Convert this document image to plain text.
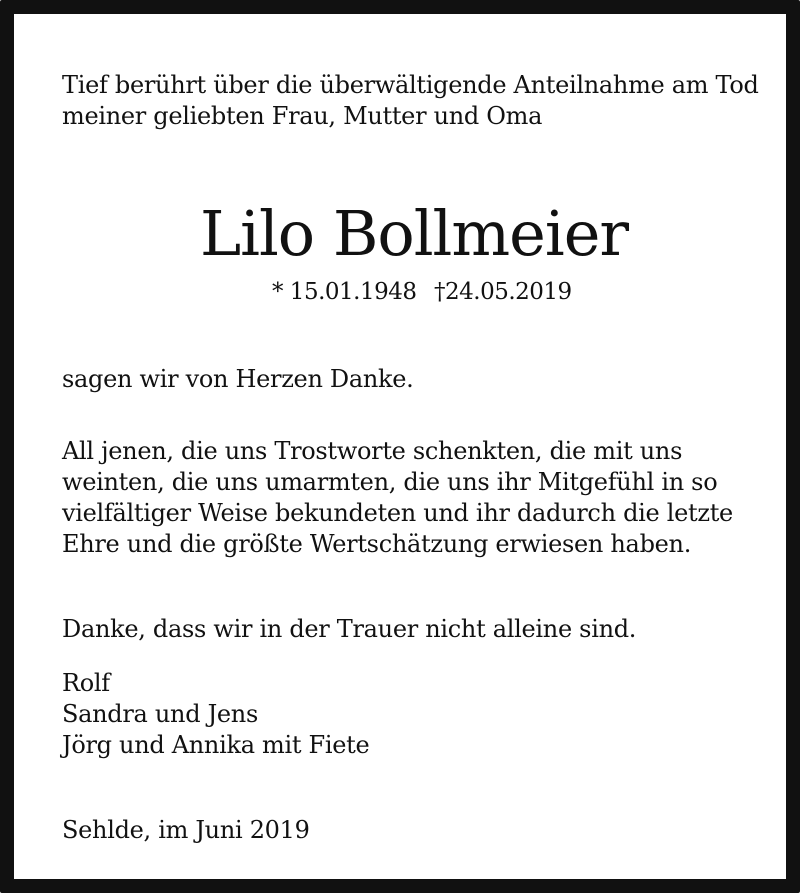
Tief berührt über die überwältigende Anteilnahme am Tod
meiner geliebten Frau, Mutter und Oma
Lilo Bollmeier
* 15.01.1948 †24.05.2019
sagen wir von Herzen Danke.
All jenen, die uns Trostworte schenkten, die mit uns
weinten, die uns umarmten, die uns ihr Mitgefühl in so
vielfältiger Weise bekundeten und ihr dadurch die letzte
Ehre und die größte Wertschätzung erwiesen haben.
Danke, dass wir in der Trauer nicht alleine sind.
Rolf
Sandra und Jens
Jörg und Annika mit Fiete
Sehlde, im Juni 2019
